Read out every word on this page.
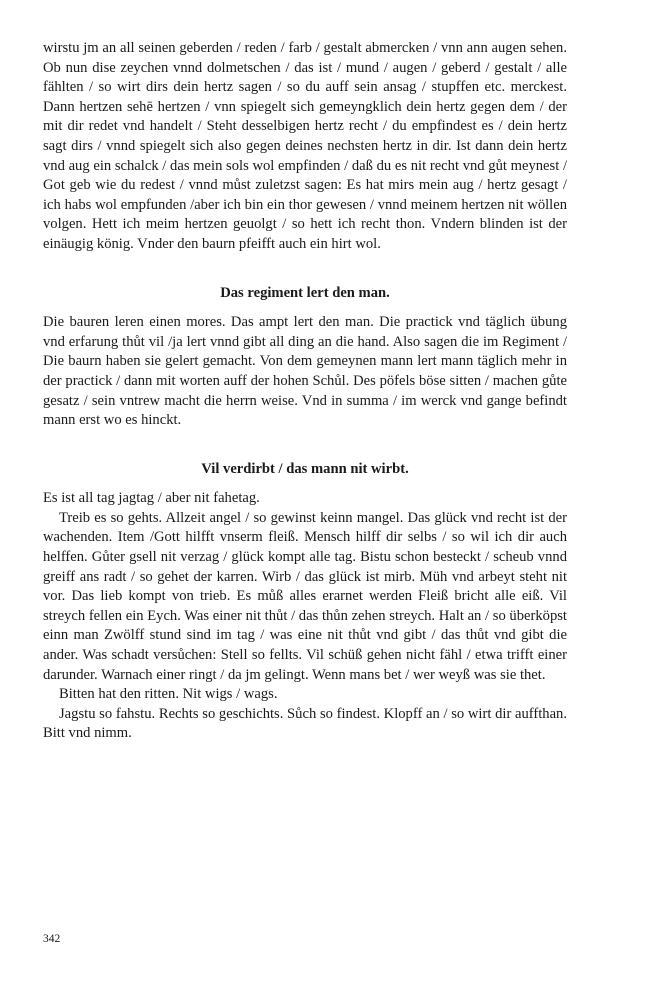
wirstu jm an all seinen geberden / reden / farb / gestalt abmercken / vnn ann augen sehen. Ob nun dise zeychen vnnd dolmetschen / das ist / mund / augen / geberd / gestalt / alle fählten / so wirt dirs dein hertz sagen / so du auff sein ansag / stupffen etc. merckest. Dann hertzen sehē hertzen / vnn spiegelt sich gemeyngklich dein hertz gegen dem / der mit dir redet vnd handelt / Steht desselbigen hertz recht / du empfindest es / dein hertz sagt dirs / vnnd spiegelt sich also gegen deines nechsten hertz in dir. Ist dann dein hertz vnd aug ein schalck / das mein sols wol empfinden / daß du es nit recht vnd gůt meynest / Got geb wie du redest / vnnd můst zuletzst sagen: Es hat mirs mein aug / hertz gesagt / ich habs wol empfunden /aber ich bin ein thor gewesen / vnnd meinem hertzen nit wöllen volgen. Hett ich meim hertzen geuolgt / so hett ich recht thon. Vndern blinden ist der einäugig könig. Vnder den baurn pfeifft auch ein hirt wol.

Das regiment lert den man.

Die bauren leren einen mores. Das ampt lert den man. Die practick vnd täglich übung vnd erfarung thůt vil /ja lert vnnd gibt all ding an die hand. Also sagen die im Regiment / Die baurn haben sie gelert gemacht. Von dem gemeynen mann lert mann täglich mehr in der practick / dann mit worten auff der hohen Schůl. Des pöfels böse sitten / machen gůte gesatz / sein vntrew macht die herrn weise. Vnd in summa / im werck vnd gange befindt mann erst wo es hinckt.

Vil verdirbt / das mann nit wirbt.

Es ist all tag jagtag / aber nit fahetag.

Treib es so gehts. Allzeit angel / so gewinst keinn mangel. Das glück vnd recht ist der wachenden. Item /Gott hilfft vnserm fleiß. Mensch hilff dir selbs / so wil ich dir auch helffen. Gůter gsell nit verzag / glück kompt alle tag. Bistu schon besteckt / scheub vnnd greiff ans radt / so gehet der karren. Wirb / das glück ist mirb. Müh vnd arbeyt steht nit vor. Das lieb kompt von trieb. Es můß alles erarnet werden Fleiß bricht alle eiß. Vil streych fellen ein Eych. Was einer nit thůt / das thůn zehen streych. Halt an / so überköpst einn man Zwölff stund sind im tag / was eine nit thůt vnd gibt / das thůt vnd gibt die ander. Was schadt versůchen: Stell so fellts. Vil schüß gehen nicht fähl / etwa trifft einer darunder. Warnach einer ringt / da jm gelingt. Wenn mans bet / wer weyß was sie thet.

Bitten hat den ritten. Nit wigs / wags.

Jagstu so fahstu. Rechts so geschichts. Sůch so findest. Klopff an / so wirt dir auffthan. Bitt vnd nimm.

342
